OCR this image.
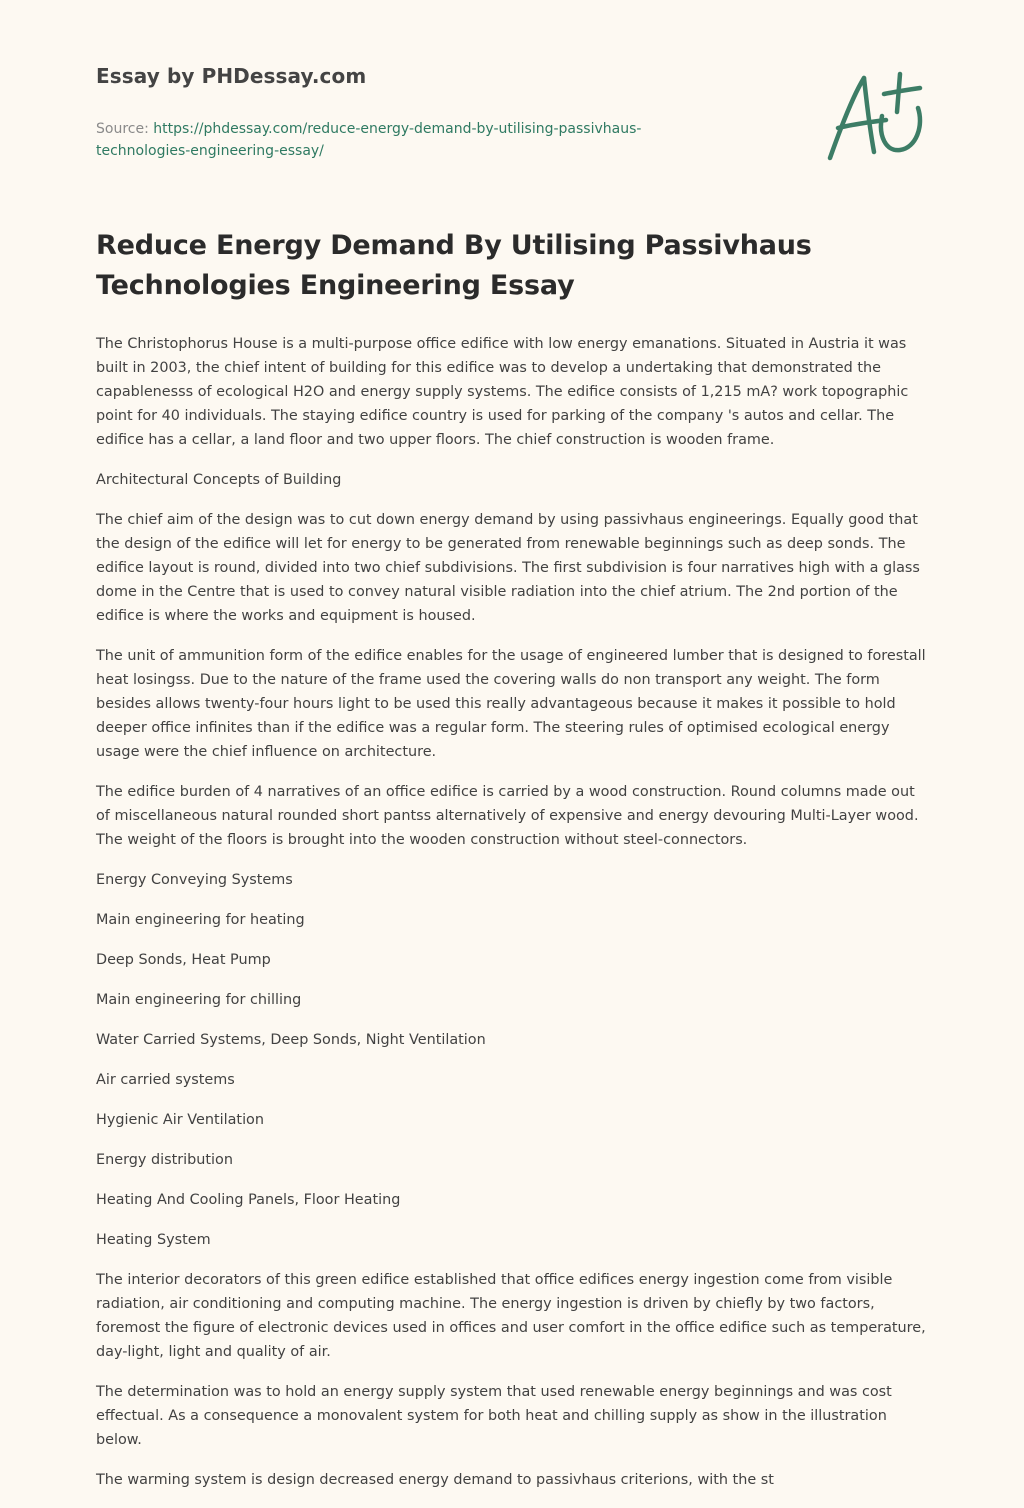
Essay by PHDessay.com
Source: https://phdessay.com/reduce-energy-demand-by-utilising-passivhaus-
technologies-engineering-essay/
Reduce Energy Demand By Utilising Passivhaus Technologies Engineering Essay

The Christophorus House is a multi-purpose office edifice with low energy emanations. Situated in Austria it was built in 2003, the chief intent of building for this edifice was to develop a undertaking that demonstrated the capablenesss of ecological H2O and energy supply systems. The edifice consists of 1,215 mA? work topographic point for 40 individuals. The staying edifice country is used for parking of the company 's autos and cellar. The edifice has a cellar, a land floor and two upper floors. The chief construction is wooden frame.

Architectural Concepts of Building

The chief aim of the design was to cut down energy demand by using passivhaus engineerings. Equally good that the design of the edifice will let for energy to be generated from renewable beginnings such as deep sonds. The edifice layout is round, divided into two chief subdivisions. The first subdivision is four narratives high with a glass dome in the Centre that is used to convey natural visible radiation into the chief atrium. The 2nd portion of the edifice is where the works and equipment is housed.

The unit of ammunition form of the edifice enables for the usage of engineered lumber that is designed to forestall heat losingss. Due to the nature of the frame used the covering walls do non transport any weight. The form besides allows twenty-four hours light to be used this really advantageous because it makes it possible to hold deeper office infinites than if the edifice was a regular form. The steering rules of optimised ecological energy usage were the chief influence on architecture.

The edifice burden of 4 narratives of an office edifice is carried by a wood construction. Round columns made out of miscellaneous natural rounded short pantss alternatively of expensive and energy devouring Multi-Layer wood. The weight of the floors is brought into the wooden construction without steel-connectors.

Energy Conveying Systems

Main engineering for heating

Deep Sonds, Heat Pump

Main engineering for chilling

Water Carried Systems, Deep Sonds, Night Ventilation

Air carried systems

Hygienic Air Ventilation

Energy distribution

Heating And Cooling Panels, Floor Heating

Heating System

The interior decorators of this green edifice established that office edifices energy ingestion come from visible radiation, air conditioning and computing machine. The energy ingestion is driven by chiefly by two factors, foremost the figure of electronic devices used in offices and user comfort in the office edifice such as temperature, day-light, light and quality of air.

The determination was to hold an energy supply system that used renewable energy beginnings and was cost effectual. As a consequence a monovalent system for both heat and chilling supply as show in the illustration below.

The warming system is design decreased energy demand to passivhaus criterions, with the st
